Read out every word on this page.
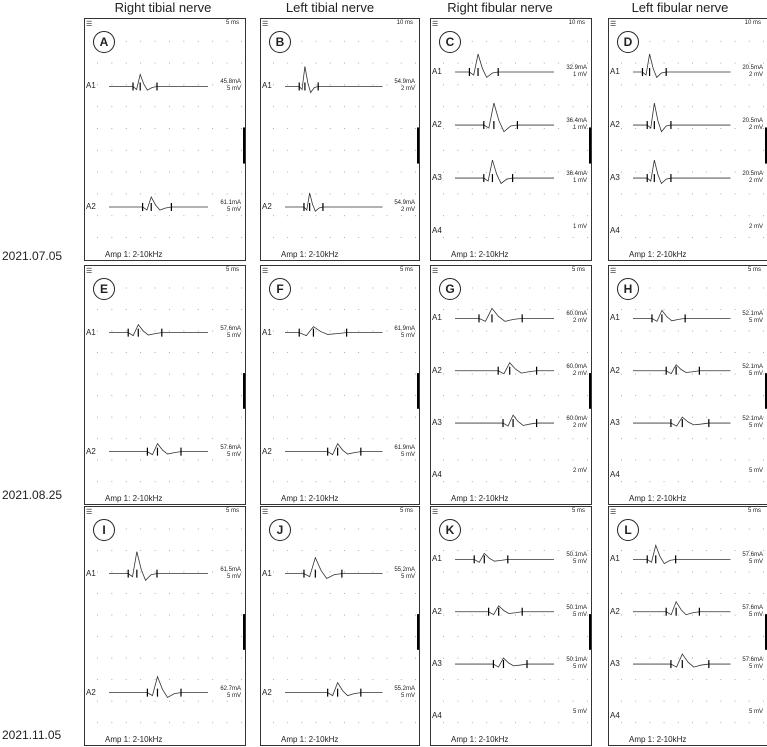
Right tibial nerve	Left tibial nerve	Right fibular nerve	Left fibular nerve
2021.07.05
2021.08.25
2021.11.05
☰
A
5 ms
A1	45.8mA
5 mV
A2	61.1mA
5 mV
Amp 1: 2-10kHz
☰
B
10 ms
A1	54.9mA
2 mV
A2	54.9mA
2 mV
Amp 1: 2-10kHz
☰
C
10 ms
A1	32.9mA
1 mV
A2	36.4mA
1 mV
A3	36.4mA
1 mV
A4	1 mV
Amp 1: 2-10kHz
☰
D
10 ms
A1	20.5mA
2 mV
A2	20.5mA
2 mV
A3	20.5mA
2 mV
A4	2 mV
Amp 1: 2-10kHz
☰
E
5 ms
A1	57.6mA
5 mV
A2	57.6mA
5 mV
Amp 1: 2-10kHz
☰
F
5 ms
A1	61.9mA
5 mV
A2	61.9mA
5 mV
Amp 1: 2-10kHz
☰
G
5 ms
A1	60.0mA
2 mV
A2	60.0mA
2 mV
A3	60.0mA
2 mV
A4	2 mV
Amp 1: 2-10kHz
☰
H
5 ms
A1	52.1mA
5 mV
A2	52.1mA
5 mV
A3	52.1mA
5 mV
A4	5 mV
Amp 1: 2-10kHz
☰
I
5 ms
A1	61.5mA
5 mV
A2	62.7mA
5 mV
Amp 1: 2-10kHz
☰
J
5 ms
A1	55.2mA
5 mV
A2	55.2mA
5 mV
Amp 1: 2-10kHz
☰
K
5 ms
A1	50.1mA
5 mV
A2	50.1mA
5 mV
A3	50.1mA
5 mV
A4	5 mV
Amp 1: 2-10kHz
☰
L
5 ms
A1	57.6mA
5 mV
A2	57.6mA
5 mV
A3	57.6mA
5 mV
A4	5 mV
Amp 1: 2-10kHz
